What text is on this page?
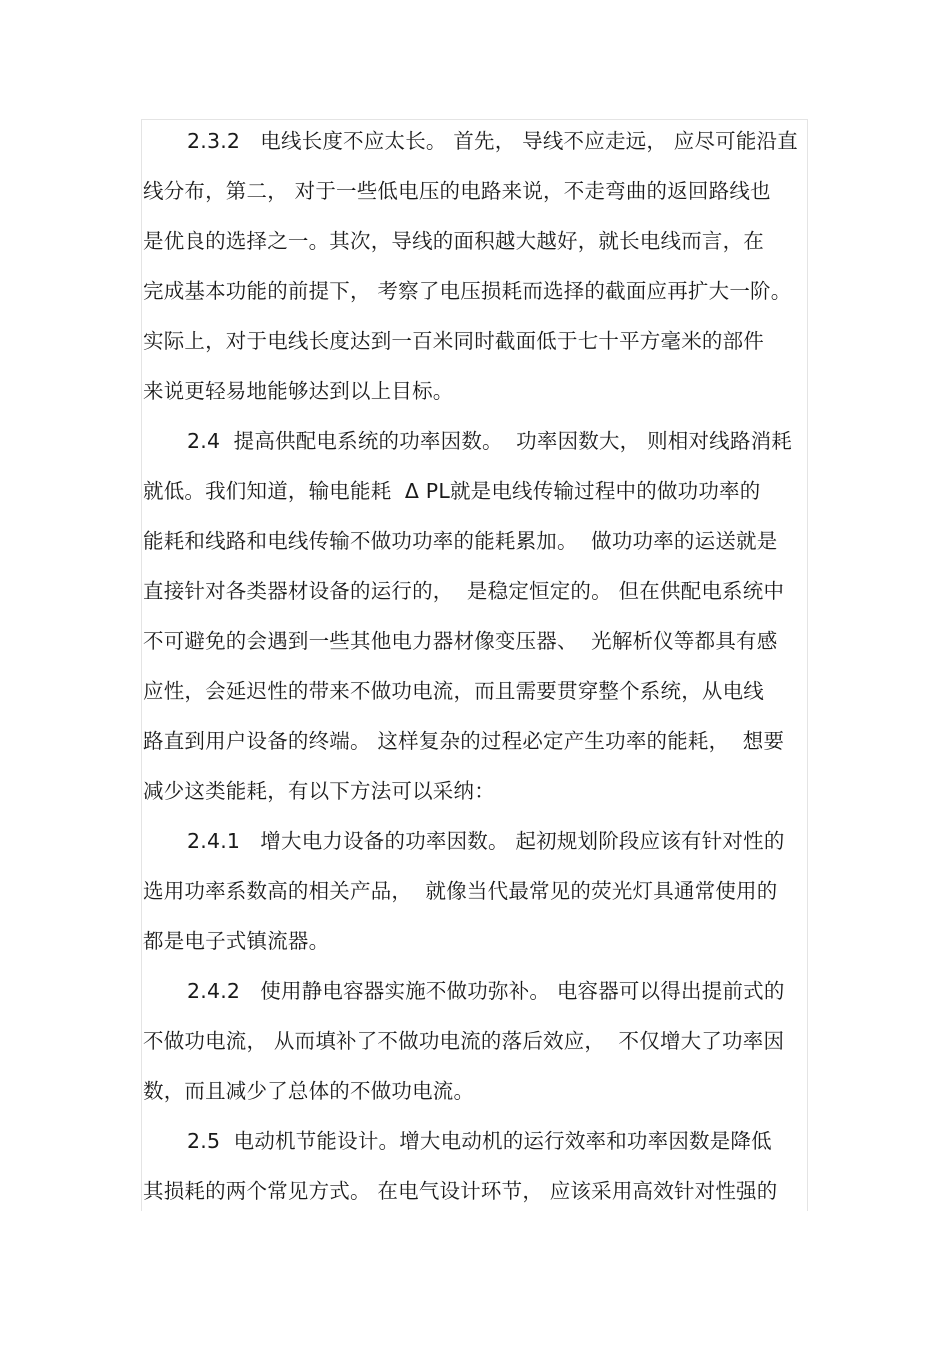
2.3.2   电线长度不应太长。 首先， 导线不应走远， 应尽可能沿直
线分布，第二， 对于一些低电压的电路来说，不走弯曲的返回路线也
是优良的选择之一。其次，导线的面积越大越好，就长电线而言，在
完成基本功能的前提下， 考察了电压损耗而选择的截面应再扩大一阶。
实际上，对于电线长度达到一百米同时截面低于七十平方毫米的部件
来说更轻易地能够达到以上目标。
2.4  提高供配电系统的功率因数。  功率因数大， 则相对线路消耗
就低。我们知道，输电能耗  Δ PL就是电线传输过程中的做功功率的
能耗和线路和电线传输不做功功率的能耗累加。  做功功率的运送就是
直接针对各类器材设备的运行的，  是稳定恒定的。 但在供配电系统中
不可避免的会遇到一些其他电力器材像变压器、  光解析仪等都具有感
应性，会延迟性的带来不做功电流，而且需要贯穿整个系统，从电线
路直到用户设备的终端。 这样复杂的过程必定产生功率的能耗，  想要
减少这类能耗，有以下方法可以采纳：
2.4.1   增大电力设备的功率因数。 起初规划阶段应该有针对性的
选用功率系数高的相关产品，  就像当代最常见的荧光灯具通常使用的
都是电子式镇流器。
2.4.2   使用静电容器实施不做功弥补。 电容器可以得出提前式的
不做功电流， 从而填补了不做功电流的落后效应，  不仅增大了功率因
数，而且减少了总体的不做功电流。
2.5  电动机节能设计。增大电动机的运行效率和功率因数是降低
其损耗的两个常见方式。 在电气设计环节， 应该采用高效针对性强的
